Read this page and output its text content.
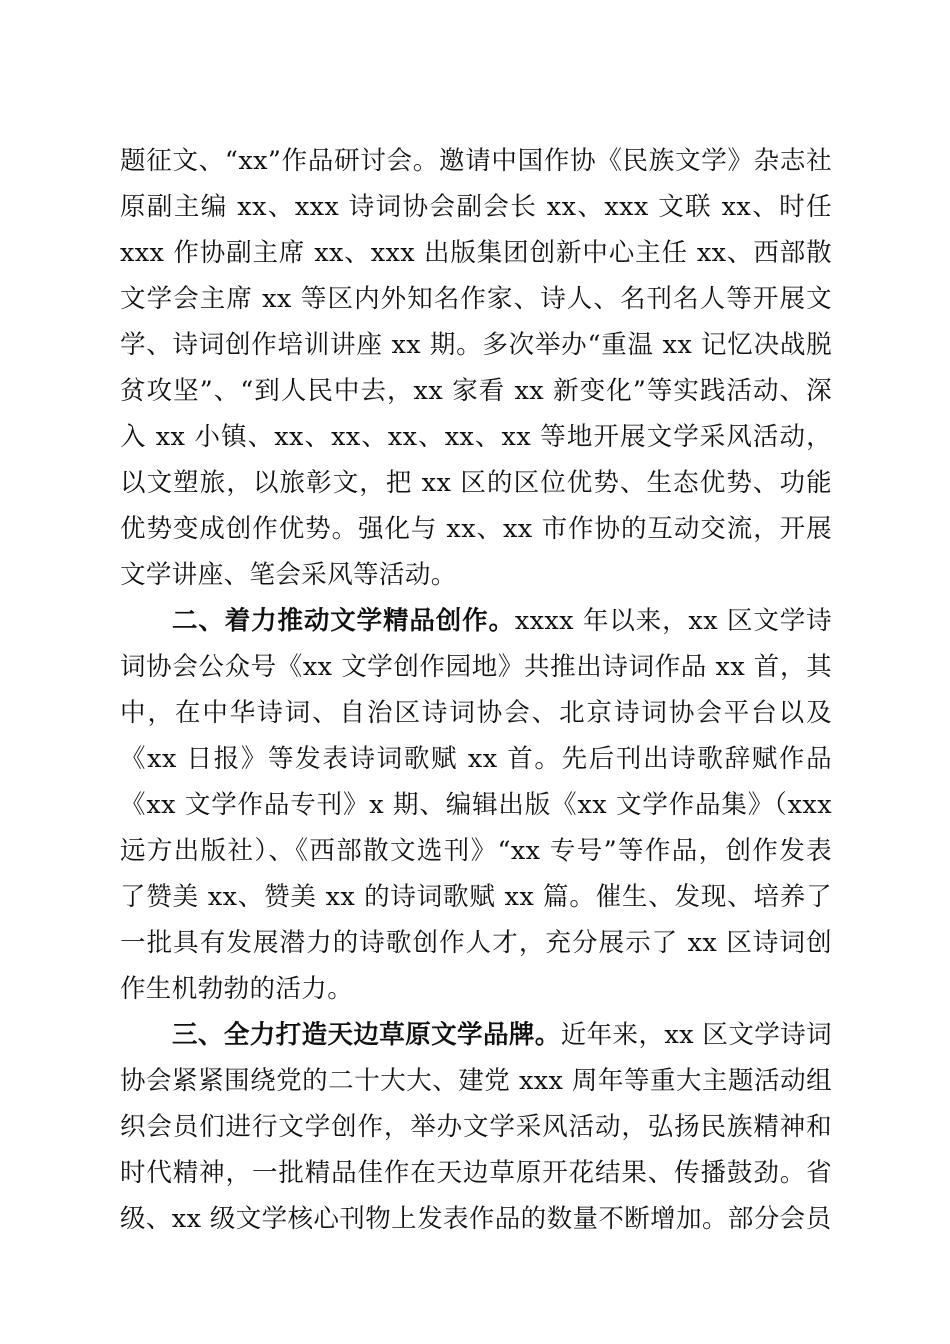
题征文、“xx”作品研讨会。邀请中国作协《民族文学》杂志社原副主编 xx、xxx 诗词协会副会长 xx、xxx 文联 xx、时任 xxx 作协副主席 xx、xxx 出版集团创新中心主任 xx、西部散文学会主席 xx 等区内外知名作家、诗人、名刊名人等开展文学、诗词创作培训讲座 xx 期。多次举办“重温 xx 记忆决战脱贫攻坚”、“到人民中去，xx 家看 xx 新变化”等实践活动、深入 xx 小镇、xx、xx、xx、xx、xx 等地开展文学采风活动，以文塑旅，以旅彰文，把 xx 区的区位优势、生态优势、功能优势变成创作优势。强化与 xx、xx 市作协的互动交流，开展文学讲座、笔会采风等活动。

二、着力推动文学精品创作。xxxx 年以来，xx 区文学诗词协会公众号《xx 文学创作园地》共推出诗词作品 xx 首，其中，在中华诗词、自治区诗词协会、北京诗词协会平台以及《xx 日报》等发表诗词歌赋 xx 首。先后刊出诗歌辞赋作品《xx 文学作品专刊》x 期、编辑出版《xx 文学作品集》（xxx 远方出版社）、《西部散文选刊》“xx 专号”等作品，创作发表了赞美 xx、赞美 xx 的诗词歌赋 xx 篇。催生、发现、培养了一批具有发展潜力的诗歌创作人才，充分展示了 xx 区诗词创作生机勃勃的活力。

三、全力打造天边草原文学品牌。近年来，xx 区文学诗词协会紧紧围绕党的二十大大、建党 xxx 周年等重大主题活动组织会员们进行文学创作，举办文学采风活动，弘扬民族精神和时代精神，一批精品佳作在天边草原开花结果、传播鼓劲。省级、xx 级文学核心刊物上发表作品的数量不断增加。部分会员
